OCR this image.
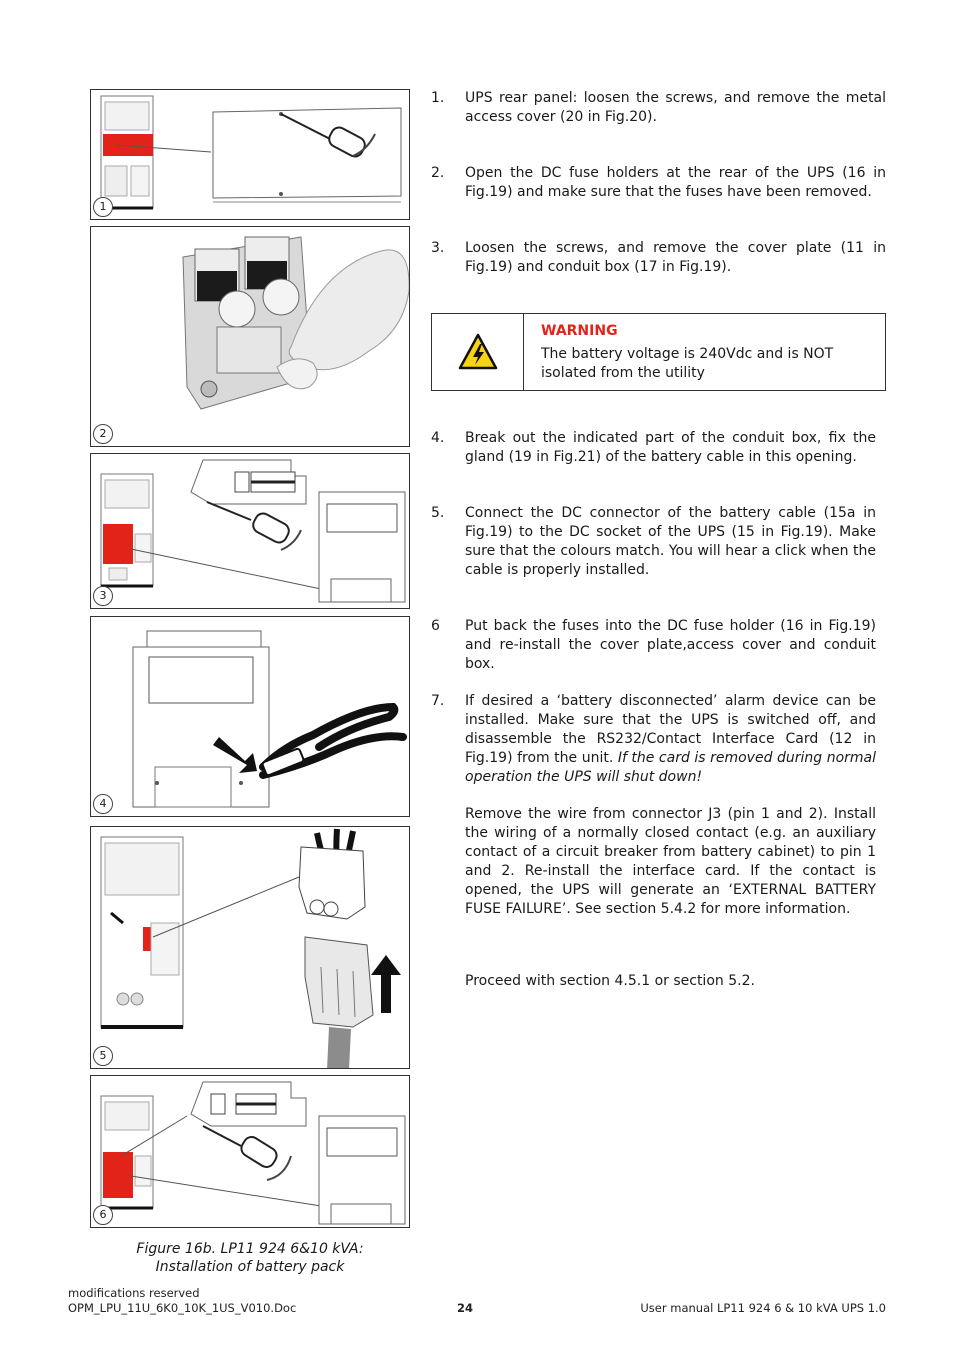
1
2
3
4
5
6
Figure 16b. LP11 924 6&10 kVA:
Installation of battery pack
1. UPS rear panel: loosen the screws, and remove the metal access cover (20 in Fig.20).

2. Open the DC fuse holders at the rear of the UPS (16 in Fig.19) and make sure that the fuses have been removed.

3. Loosen the screws, and remove the cover plate (11 in Fig.19) and conduit box (17 in Fig.19).

WARNING
The battery voltage is 240Vdc and is NOT
isolated from the utility
4. Break out the indicated part of the conduit box, fix the gland (19 in Fig.21) of the battery cable in this opening.

5. Connect the DC connector of the battery cable (15a in Fig.19) to the DC socket of the UPS (15 in Fig.19). Make sure that the colours match. You will hear a click when the cable is properly installed.

6 Put back the fuses into the DC fuse holder (16 in Fig.19) and re-install the cover plate,access cover and conduit box.

7. If desired a ‘battery disconnected’ alarm device can be installed. Make sure that the UPS is switched off, and disassemble the RS232/Contact Interface Card (12 in Fig.19) from the unit. If the card is removed during normal operation the UPS will shut down!

Remove the wire from connector J3 (pin 1 and 2). Install the wiring of a normally closed contact (e.g. an auxiliary contact of a circuit breaker from battery cabinet) to pin 1 and 2. Re-install the interface card. If the contact is opened, the UPS will generate an ‘EXTERNAL BATTERY FUSE FAILURE’. See section 5.4.2 for more information.

Proceed with section 4.5.1 or section 5.2.

modifications reserved
OPM_LPU_11U_6K0_10K_1US_V010.Doc	24	User manual LP11 924 6 & 10 kVA UPS 1.0
